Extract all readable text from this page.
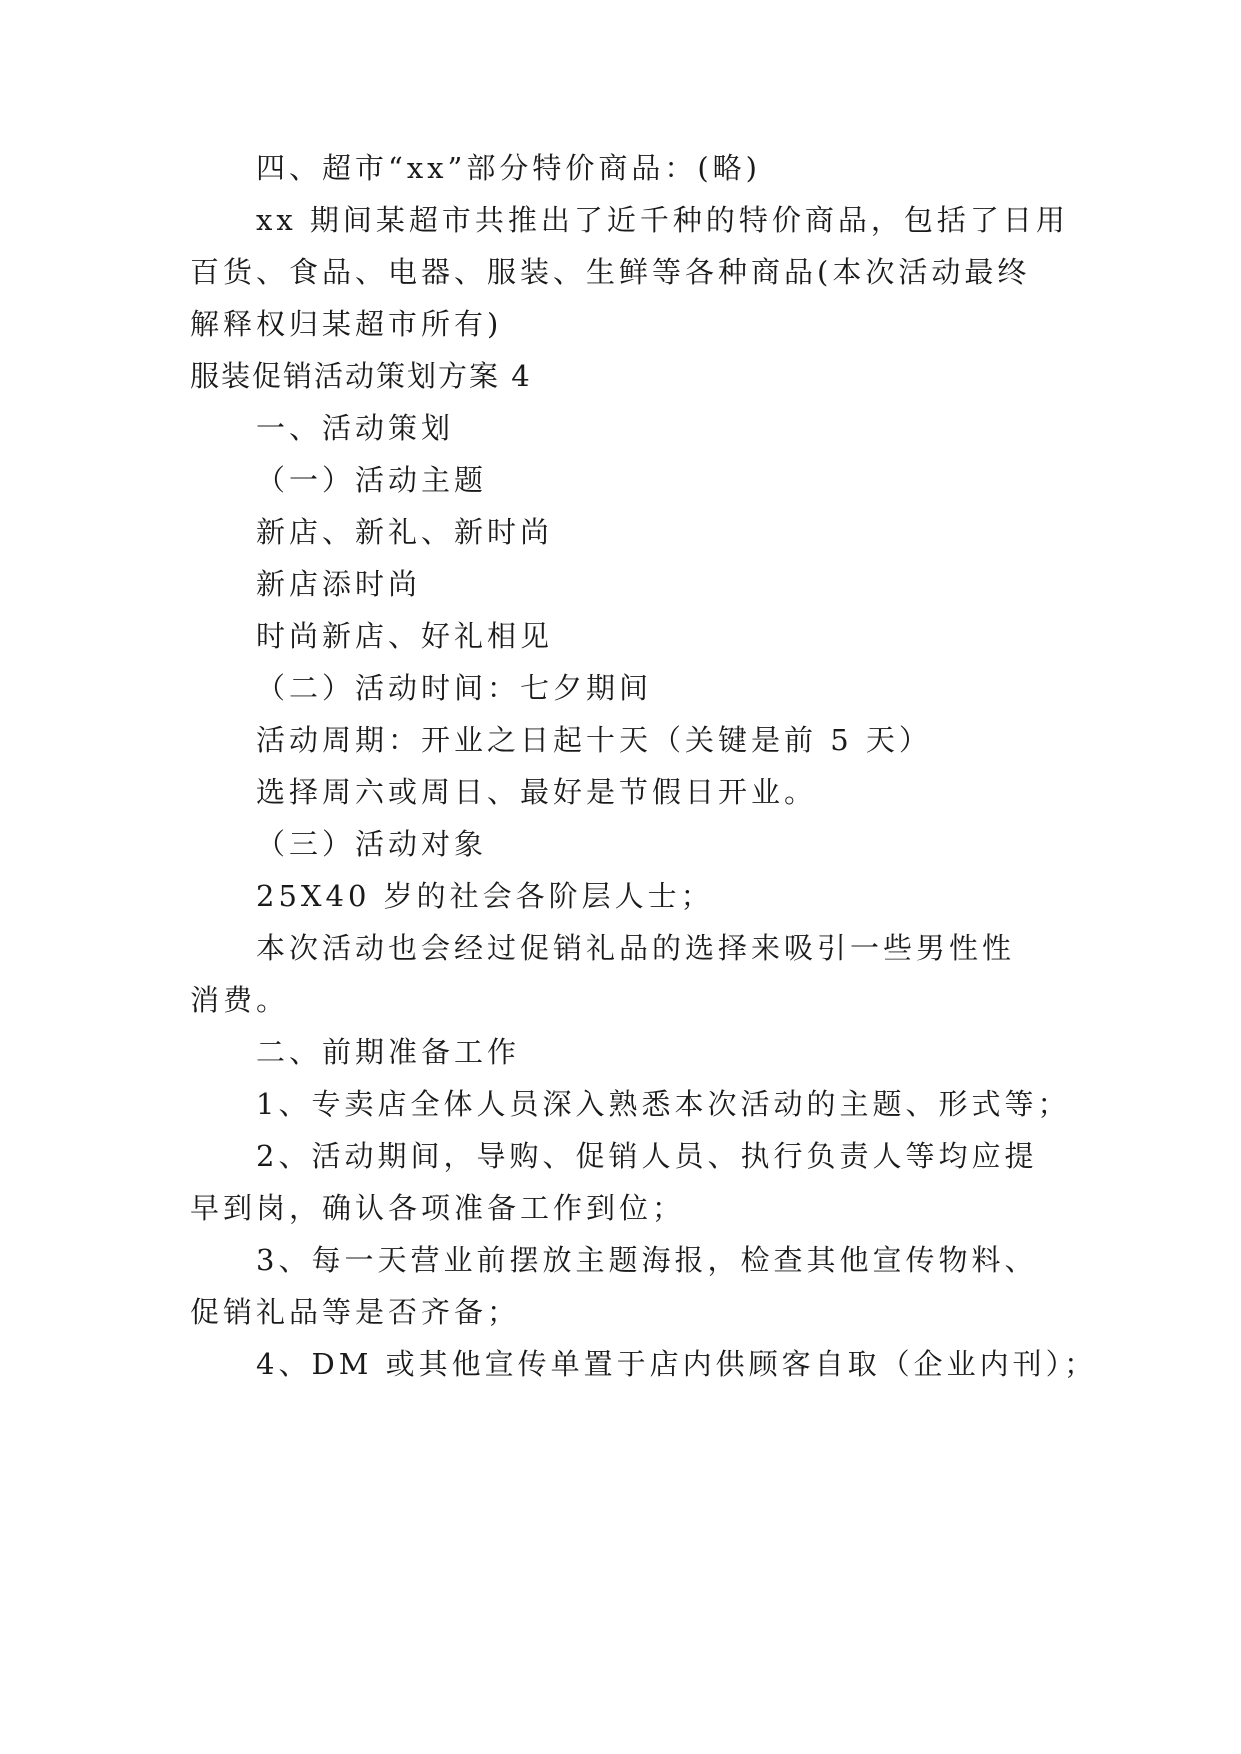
四、超市“xx”部分特价商品：(略)
xx 期间某超市共推出了近千种的特价商品，包括了日用
百货、食品、电器、服装、生鲜等各种商品(本次活动最终
解释权归某超市所有)
服装促销活动策划方案 4
一、活动策划
（一）活动主题
新店、新礼、新时尚
新店添时尚
时尚新店、好礼相见
（二）活动时间：七夕期间
活动周期：开业之日起十天（关键是前 5 天）
选择周六或周日、最好是节假日开业。
（三）活动对象
25X40 岁的社会各阶层人士；
本次活动也会经过促销礼品的选择来吸引一些男性性
消费。
二、前期准备工作
1、专卖店全体人员深入熟悉本次活动的主题、形式等；
2、活动期间，导购、促销人员、执行负责人等均应提
早到岗，确认各项准备工作到位；
3、每一天营业前摆放主题海报，检查其他宣传物料、
促销礼品等是否齐备；
4、DM 或其他宣传单置于店内供顾客自取（企业内刊）；
